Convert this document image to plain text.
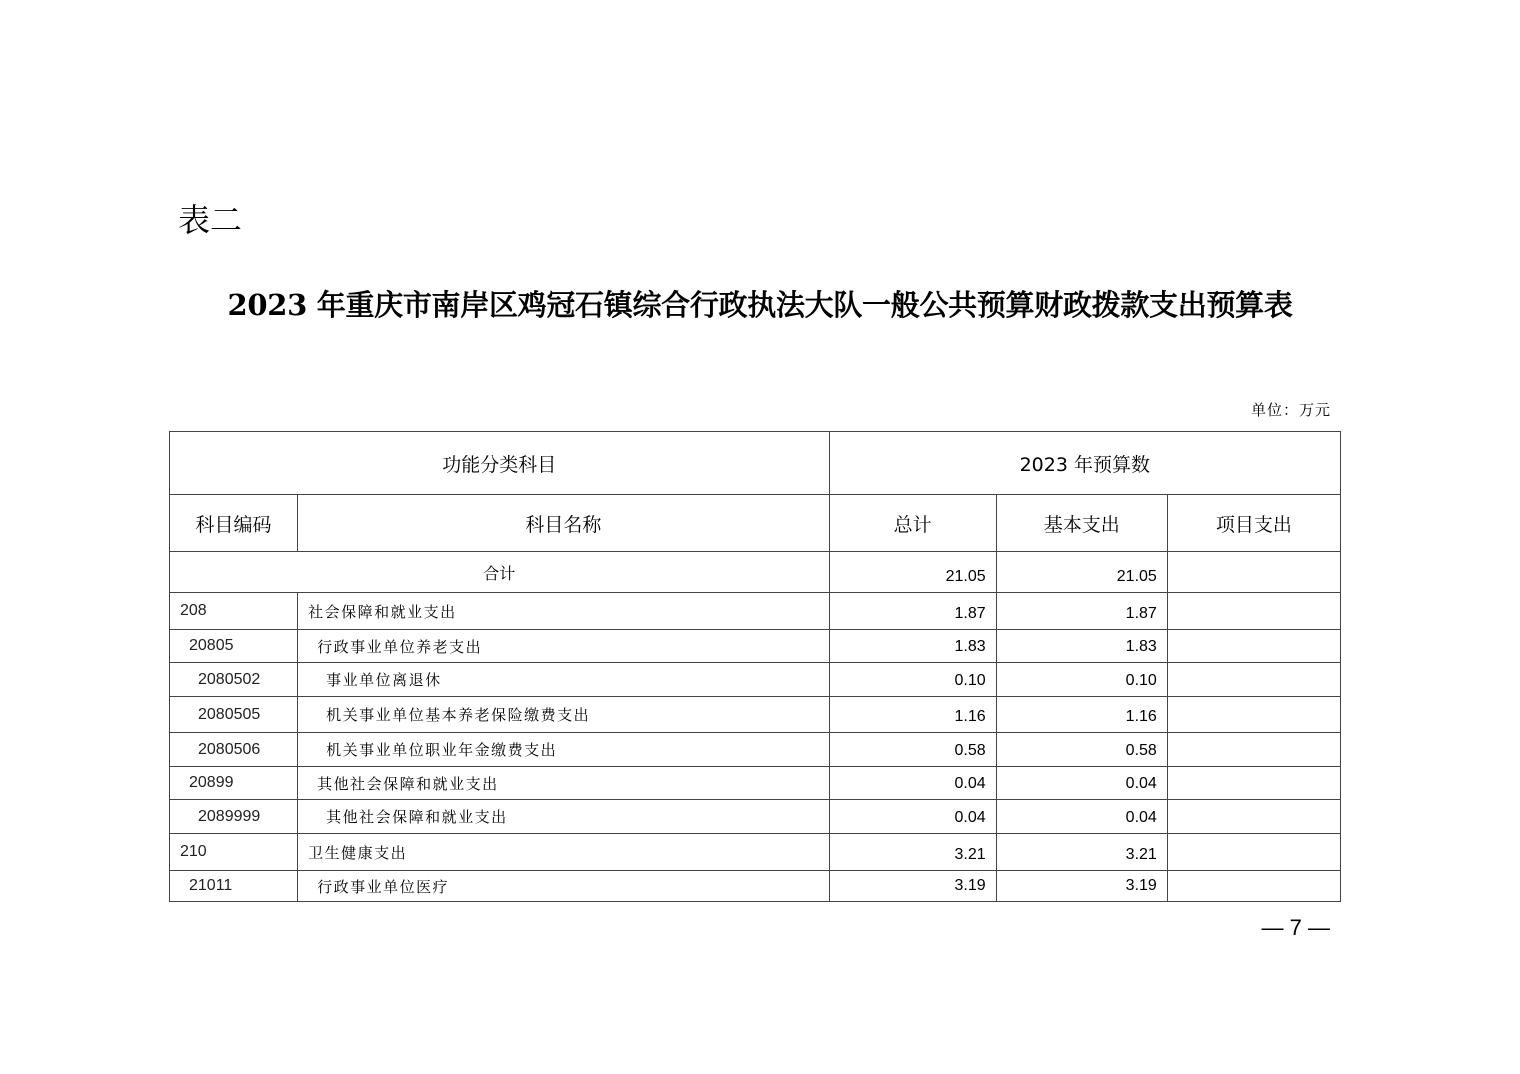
表二
2023 年重庆市南岸区鸡冠石镇综合行政执法大队一般公共预算财政拨款支出预算表
单位：万元
功能分类科目		2023 年预算数		
科目编码	科目名称	总计	基本支出	项目支出
合计		21.05	21.05	
208	社会保障和就业支出	1.87	1.87	
20805	行政事业单位养老支出	1.83	1.83	
2080502	事业单位离退休	0.10	0.10	
2080505	机关事业单位基本养老保险缴费支出	1.16	1.16	
2080506	机关事业单位职业年金缴费支出	0.58	0.58	
20899	其他社会保障和就业支出	0.04	0.04	
2089999	其他社会保障和就业支出	0.04	0.04	
210	卫生健康支出	3.21	3.21	
21011	行政事业单位医疗	3.19	3.19	
— 7 —
